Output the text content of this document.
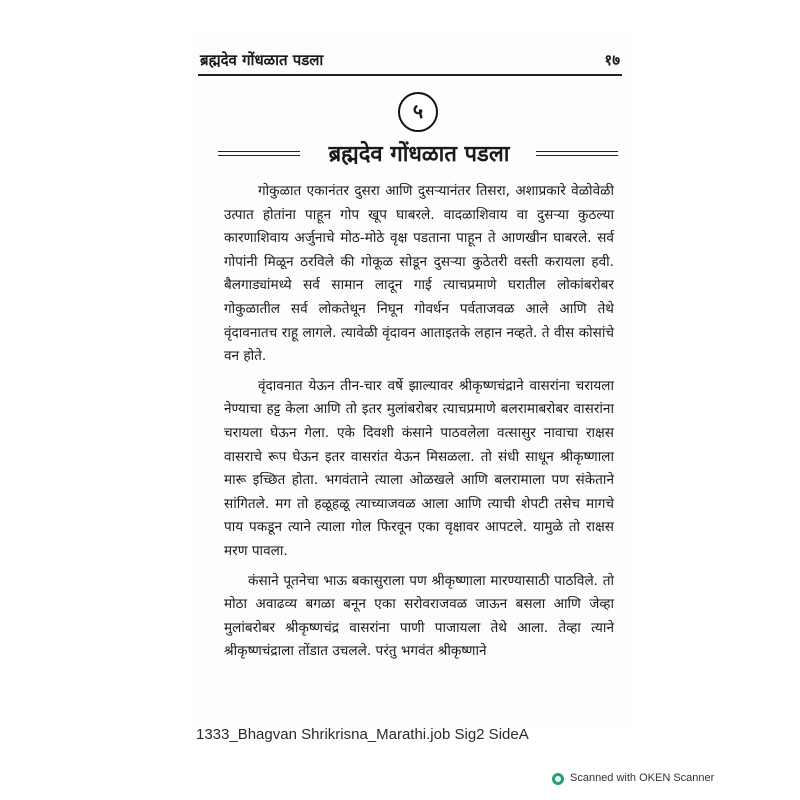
ब्रह्मदेव गोंधळात पडला	१७
५
ब्रह्मदेव गोंधळात पडला

गोकुळात एकानंतर दुसरा आणि दुसऱ्यानंतर तिसरा, अशाप्रकारे वेळोवेळी उत्पात होतांना पाहून गोप खूप घाबरले. वादळाशिवाय वा दुसऱ्या कुठल्या कारणाशिवाय अर्जुनाचे मोठ-मोठे वृक्ष पडताना पाहून ते आणखीन घाबरले. सर्व गोपांनी मिळून ठरविले की गोकूळ सोडून दुसऱ्या कुठेतरी वस्ती करायला हवी. बैलगाड्यांमध्ये सर्व सामान लादून गाई त्याचप्रमाणे घरातील लोकांबरोबर गोकुळातील सर्व लोकतेथून निघून गोवर्धन पर्वताजवळ आले आणि तेथे वृंदावनातच राहू लागले. त्यावेळी वृंदावन आताइतके लहान नव्हते. ते वीस कोसांचे वन होते.

वृंदावनात येऊन तीन-चार वर्षे झाल्यावर श्रीकृष्णचंद्राने वासरांना चरायला नेण्याचा हट्ट केला आणि तो इतर मुलांबरोबर त्याचप्रमाणे बलरामाबरोबर वासरांना चरायला घेऊन गेला. एके दिवशी कंसाने पाठवलेला वत्सासुर नावाचा राक्षस वासराचे रूप घेऊन इतर वासरांत येऊन मिसळला. तो संधी साधून श्रीकृष्णाला मारू इच्छित होता. भगवंताने त्याला ओळखले आणि बलरामाला पण संकेताने सांगितले. मग तो हळूहळू त्याच्याजवळ आला आणि त्याची शेपटी तसेच मागचे पाय पकडून त्याने त्याला गोल फिरवून एका वृक्षावर आपटले. यामुळे तो राक्षस मरण पावला.

कंसाने पूतनेचा भाऊ बकासुराला पण श्रीकृष्णाला मारण्यासाठी पाठविले. तो मोठा अवाढव्य बगळा बनून एका सरोवराजवळ जाऊन बसला आणि जेव्हा मुलांबरोबर श्रीकृष्णचंद्र वासरांना पाणी पाजायला तेथे आला. तेव्हा त्याने श्रीकृष्णचंद्राला तोंडात उचलले. परंतु भगवंत श्रीकृष्णाने

1333_Bhagvan Shrikrisna_Marathi.job Sig2 SideA
Scanned with OKEN Scanner
